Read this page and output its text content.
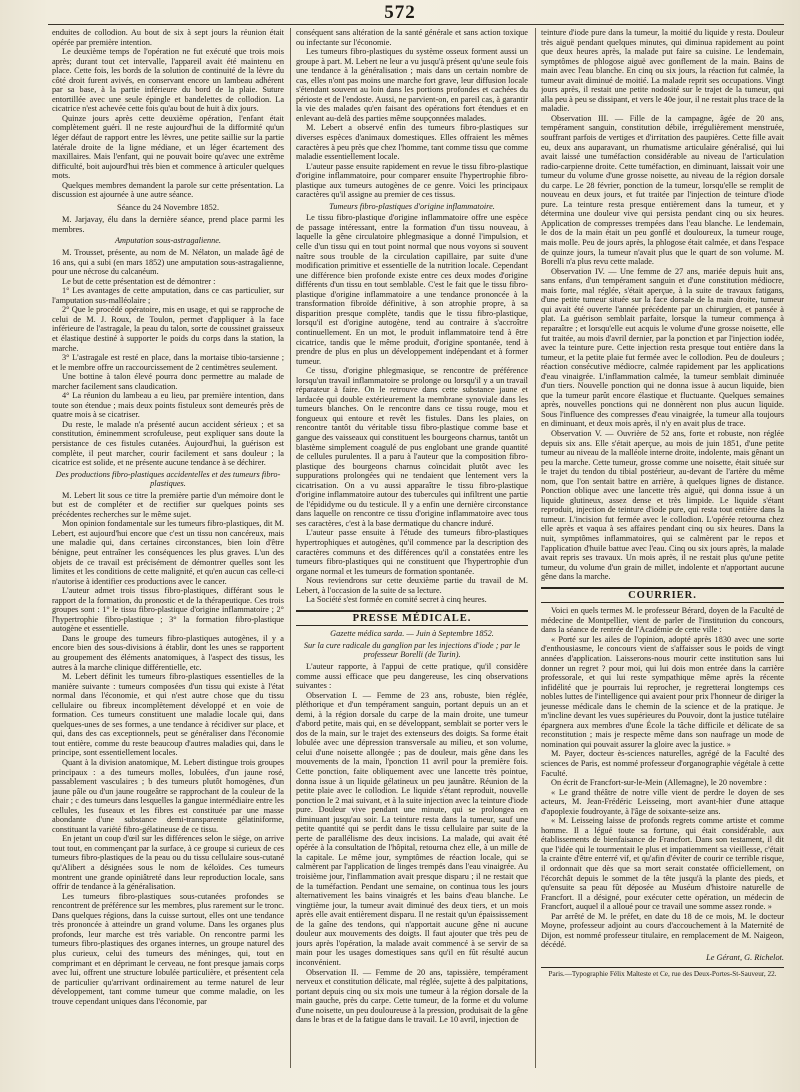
572

enduites de collodion. Au bout de six à sept jours la réunion était opérée par première intention.

Le deuxième temps de l'opération ne fut exécuté que trois mois après; durant tout cet intervalle, l'appareil avait été maintenu en place. Cette fois, les bords de la solution de continuité de la lèvre du côté droit furent avivés, en conservant encore un lambeau adhérent par sa base, à la partie inférieure du bord de la plaie. Suture entortillée avec une seule épingle et bandelettes de collodion. La cicatrice n'est achevée cette fois qu'au bout de huit à dix jours.

Quinze jours après cette deuxième opération, l'enfant était complètement guéri. Il ne reste aujourd'hui de la difformité qu'un léger défaut de rapport entre les lèvres, une petite saillie sur la partie latérale droite de la ligne médiane, et un léger écartement des maxillaires. Mais l'enfant, qui ne pouvait boire qu'avec une extrême difficulté, boit aujourd'hui très bien et commence à articuler quelques mots.

Quelques membres demandent la parole sur cette présentation. La discussion est ajournée à une autre séance.

Séance du 24 Novembre 1852.

M. Jarjavay, élu dans la dernière séance, prend place parmi les membres.

Amputation sous-astragalienne.

M. Trousset, présente, au nom de M. Nélaton, un malade âgé de 16 ans, qui a subi (en mars 1852) une amputation sous-astragalienne, pour une nécrose du calcanéum.

Le but de cette présentation est de démontrer :

1° Les avantages de cette amputation, dans ce cas particulier, sur l'amputation sus-malléolaire ;

2° Que le procédé opératoire, mis en usage, et qui se rapproche de celui de M. J. Roux, de Toulon, permet d'appliquer à la face inférieure de l'astragale, la peau du talon, sorte de coussinet graisseux et élastique destiné à supporter le poids du corps dans la station, la marche.

3° L'astragale est resté en place, dans la mortaise tibio-tarsienne ; et le membre offre un raccourcissement de 2 centimètres seulement.

Une bottine à talon élevé pourra donc permettre au malade de marcher facilement sans claudication.

4° La réunion du lambeau a eu lieu, par première intention, dans toute son étendue ; mais deux points fistuleux sont demeurés près de quatre mois à se cicatriser.

Du reste, le malade n'a présenté aucun accident sérieux ; et sa constitution, éminemment scrofuleuse, peut expliquer sans doute la persistance de ces fistules cutanées. Aujourd'hui, la guérison est complète, il peut marcher, courir facilement et sans douleur ; la cicatrice est solide, et ne présente aucune tendance à se déchirer.

Des productions fibro-plastiques accidentelles et des tumeurs fibro-plastiques.

M. Lebert lit sous ce titre la première partie d'un mémoire dont le but est de compléter et de rectifier sur quelques points ses précédentes recherches sur le même sujet.

Mon opinion fondamentale sur les tumeurs fibro-plastiques, dit M. Lebert, est aujourd'hui encore que c'est un tissu non cancéreux, mais une maladie qui, dans certaines circonstances, bien loin d'être bénigne, peut entraîner les conséquences les plus graves. L'un des objets de ce travail est précisément de démontrer quelles sont les limites et les conditions de cette malignité, et qu'en aucun cas celle-ci n'autorise à identifier ces productions avec le cancer.

L'auteur admet trois tissus fibro-plastiques, différant sous le rapport de la formation, du pronostic et de la thérapeutique. Ces trois groupes sont : 1° le tissu fibro-plastique d'origine inflammatoire ; 2° l'hypertrophie fibro-plastique ; 3° la formation fibro-plastique autogène et essentielle.

Dans le groupe des tumeurs fibro-plastiques autogènes, il y a encore bien des sous-divisions à établir, dont les unes se rapportent au groupement des éléments anatomiques, à l'aspect des tissus, les autres à la marche clinique différentielle, etc.

M. Lebert définit les tumeurs fibro-plastiques essentielles de la manière suivante : tumeurs composées d'un tissu qui existe à l'état normal dans l'économie, et qui n'est autre chose que du tissu cellulaire ou fibreux incomplètement développé et en voie de formation. Ces tumeurs constituent une maladie locale qui, dans quelques-unes de ses formes, a une tendance à récidiver sur place, et qui, dans des cas exceptionnels, peut se généraliser dans l'économie tout entière, comme du reste beaucoup d'autres maladies qui, dans le principe, sont essentiellement locales.

Quant à la division anatomique, M. Lebert distingue trois groupes principaux : a des tumeurs molles, lobulées, d'un jaune rosé, passablement vasculaires ; b des tumeurs plutôt homogènes, d'un jaune pâle ou d'un jaune rougeâtre se rapprochant de la couleur de la chair ; c des tumeurs dans lesquelles la gangue intermédiaire entre les cellules, les fuseaux et les fibres est constituée par une masse abondante d'une substance demi-transparente gélatiniforme, constituant la variété fibro-gélatineuse de ce tissu.

En jetant un coup d'œil sur les différences selon le siège, on arrive tout tout, en commençant par la surface, à ce groupe si curieux de ces tumeurs fibro-plastiques de la peau ou du tissu cellulaire sous-cutané qu'Alibert a désignées sous le nom de kéloïdes. Ces tumeurs montrent une grande opiniâtreté dans leur reproduction locale, sans offrir de tendance à la généralisation.

Les tumeurs fibro-plastiques sous-cutanées profondes se rencontrent de préférence sur les membres, plus rarement sur le tronc. Dans quelques régions, dans la cuisse surtout, elles ont une tendance très prononcée à atteindre un grand volume. Dans les organes plus profonds, leur marche est très variable. On rencontre parmi les tumeurs fibro-plastiques des organes internes, un groupe naturel des plus curieux, celui des tumeurs des méninges, qui, tout en comprimant et en déprimant le cerveau, ne font presque jamais corps avec lui, offrent une structure lobulée particulière, et présentent cela de particulier qu'arrivant ordinairement au terme naturel de leur développement, tant comme tumeur que comme maladie, on les trouve cependant uniques dans l'économie, par

conséquent sans altération de la santé générale et sans action toxique ou infectante sur l'économie.

Les tumeurs fibro-plastiques du système osseux forment aussi un groupe à part. M. Lebert ne leur a vu jusqu'à présent qu'une seule fois une tendance à la généralisation ; mais dans un certain nombre de cas, elles n'ont pas moins une marche fort grave, leur diffusion locale s'étendant souvent au loin dans les portions profondes et cachées du périoste et de l'endoste. Aussi, ne parvient-on, en pareil cas, à garantir la vie des malades qu'en faisant des opérations fort étendues et en enlevant au-delà des parties même soupçonnées malades.

M. Lebert a observé enfin des tumeurs fibro-plastiques sur diverses espèces d'animaux domestiques. Elles offraient les mêmes caractères à peu près que chez l'homme, tant comme tissu que comme maladie essentiellement locale.

L'auteur passe ensuite rapidement en revue le tissu fibro-plastique d'origine inflammatoire, pour comparer ensuite l'hypertrophie fibro-plastique aux tumeurs autogènes de ce genre. Voici les principaux caractères qu'il assigne au premier de ces tissus.

Tumeurs fibro-plastiques d'origine inflammatoire.

Le tissu fibro-plastique d'origine inflammatoire offre une espèce de passage intéressant, entre la formation d'un tissu nouveau, à laquelle la gêne circulatoire phlegmasique a donné l'impulsion, et celle d'un tissu qui en tout point normal que nous voyons si souvent naître sous trouble de la circulation capillaire, par suite d'une modification primitive et essentielle de la nutrition locale. Cependant une différence bien profonde existe entre ces deux modes d'origine différents d'un tissu en tout semblable. C'est le fait que le tissu fibro-plastique d'origine inflammatoire a une tendance prononcée à la transformation fibroïde définitive, à son atrophie propre, à sa disparition presque complète, tandis que le tissu fibro-plastique, lorsqu'il est d'origine autogène, tend au contraire à s'accroître continuellement. En un mot, le produit inflammatoire tend à être cicatrice, tandis que le même produit, d'origine spontanée, tend à prendre de plus en plus un développement indépendant et à former tumeur.

Ce tissu, d'origine phlegmasique, se rencontre de préférence lorsqu'un travail inflammatoire se prolonge ou lorsqu'il y a un travail réparateur à faire. On le retrouve dans cette substance jaune et lardacée qui double extérieurement la membrane synoviale dans les tumeurs blanches. On le rencontre dans ce tissu rouge, mou et fongueux qui entoure et revêt les fistules. Dans les plaies, on rencontre tantôt du véritable tissu fibro-plastique comme base et gangue des vaisseaux qui constituent les bourgeons charnus, tantôt un blastème simplement coagulé de pus englobant une grande quantité de cellules purulentes. Il a paru à l'auteur que la composition fibro-plastique des bourgeons charnus coïncidait plutôt avec les suppurations prolongées qui ne tendaient que lentement vers la cicatrisation. On a vu aussi apparaître le tissu fibro-plastique d'origine inflammatoire autour des tubercules qui infiltrent une partie de l'épididyme ou du testicule. Il y a enfin une dernière circonstance dans laquelle on rencontre ce tissu d'origine inflammatoire avec tous ses caractères, c'est à la base dermatique du chancre induré.

L'auteur passe ensuite à l'étude des tumeurs fibro-plastiques hypertrophiques et autogènes, qu'il commence par la description des caractères communs et des différences qu'il a constatées entre les tumeurs fibro-plastiques qui ne constituent que l'hypertrophie d'un organe normal et les tumeurs de formation spontanée.

Nous reviendrons sur cette deuxième partie du travail de M. Lebert, à l'occasion de la suite de sa lecture.

La Société s'est formée en comité secret à cinq heures.

PRESSE MÉDICALE.
Gazette médica sarda. — Juin à Septembre 1852.
Sur la cure radicale du ganglion par les injections d'iode ; par le professeur Borelli (de Turin).

L'auteur rapporte, à l'appui de cette pratique, qu'il considère comme aussi efficace que peu dangereuse, les cinq observations suivantes :

Observation I. — Femme de 23 ans, robuste, bien réglée, pléthorique et d'un tempérament sanguin, portant depuis un an et demi, à la région dorsale du carpe de la main droite, une tumeur d'abord petite, mais qui, en se développant, semblait se porter vers le dos de la main, sur le trajet des extenseurs des doigts. Sa forme était lobulée avec une dépression transversale au milieu, et son volume, celui d'une noisette allongée ; pas de douleur, mais gêne dans les mouvements de la main, l'ponction 11 avril pour la première fois. Cette ponction, faite obliquement avec une lancette très pointue, donna issue à un liquide gélatineux un peu jaunâtre. Réunion de la petite plaie avec le collodion. Le liquide s'étant reproduit, nouvelle ponction le 2 mai suivant, et à la suite injection avec la teinture d'iode pure. Douleur vive pendant une minute, qui se prolongea en diminuant jusqu'au soir. La teinture resta dans la tumeur, sauf une petite quantité qui se perdit dans le tissu cellulaire par suite de la perte de parallélisme des deux incisions. La malade, qui avait été opérée à la consultation de l'hôpital, retourna chez elle, à un mille de la capitale. Le même jour, symptômes de réaction locale, qui se calmèrent par l'application de linges trempés dans l'eau vinaigrée. Au troisième jour, l'inflammation avait presque disparu ; il ne restait que de la tuméfaction. Pendant une semaine, on continua tous les jours alternativement les bains vinaigrés et les bains d'eau blanche. Le vingtième jour, la tumeur avait diminué des deux tiers, et un mois après elle avait entièrement disparu. Il ne restait qu'un épaississement de la gaîne des tendons, qui n'apportait aucune gêne ni aucune douleur aux mouvements des doigts. Il faut ajouter que très peu de jours après l'opération, la malade avait commencé à se servir de sa main pour les usages domestiques sans qu'il en fût résulté aucun inconvénient.

Observation II. — Femme de 20 ans, tapissière, tempérament nerveux et constitution délicate, mal réglée, sujette à des palpitations, portant depuis cinq ou six mois une tumeur à la région dorsale de la main gauche, près du carpe. Cette tumeur, de la forme et du volume d'une noisette, un peu douloureuse à la pression, produisait de la gêne dans le bras et de la fatigue dans le travail. Le 10 avril, injection de

teinture d'iode pure dans la tumeur, la moitié du liquide y resta. Douleur très aiguë pendant quelques minutes, qui diminua rapidement au point que deux heures après, la malade put faire sa cuisine. Le lendemain, symptômes de phlogose aiguë avec gonflement de la main. Bains de main avec l'eau blanche. En cinq ou six jours, la réaction fut calmée, la tumeur avait diminué de moitié. La malade reprit ses occupations. Vingt jours après, il restait une petite nodosité sur le trajet de la tumeur, qui alla peu à peu se dissipant, et vers le 40e jour, il ne restait plus trace de la maladie.

Observation III. — Fille de la campagne, âgée de 20 ans, tempérament sanguin, constitution débile, irrégulièrement menstruée, souffrant parfois de vertiges et d'irritation des paupières. Cette fille avait eu, deux ans auparavant, un rhumatisme articulaire généralisé, qui lui avait laissé une tuméfaction considérable au niveau de l'articulation radio-carpienne droite. Cette tuméfaction, en diminuant, laissait voir une tumeur du volume d'une grosse noisette, au niveau de la région dorsale du carpe. Le 28 février, ponction de la tumeur, lorsqu'elle se remplit de nouveau en deux jours, et fut traitée par l'injection de teinture d'iode pure. La teinture resta presque entièrement dans la tumeur, et y détermina une douleur vive qui persista pendant cinq ou six heures. Application de compresses trempées dans l'eau blanche. Le lendemain, le dos de la main était un peu gonflé et douloureux, la tumeur rouge, mais molle. Peu de jours après, la phlogose était calmée, et dans l'espace de quinze jours, la tumeur n'avait plus que le quart de son volume. M. Borelli n'a plus revu cette malade.

Observation IV. — Une femme de 27 ans, mariée depuis huit ans, sans enfans, d'un tempérament sanguin et d'une constitution médiocre, mais forte, mal réglée, s'était aperçue, à la suite de travaux fatigans, d'une petite tumeur située sur la face dorsale de la main droite, tumeur qui avait été ouverte l'année précédente par un chirurgien, et pansée à plat. La guérison semblait parfaite, lorsque la tumeur commença à reparaître ; et lorsqu'elle eut acquis le volume d'une grosse noisette, elle fut traitée, au mois d'avril dernier, par la ponction et par l'injection iodée, avec la teinture pure. Cette injection resta presque tout entière dans la tumeur, et la petite plaie fut fermée avec le collodion. Peu de douleurs ; réaction consécutive médiocre, calmée rapidement par les applications d'eau vinaigrée. L'inflammation calmée, la tumeur semblait diminuée d'un tiers. Nouvelle ponction qui ne donna issue à aucun liquide, bien que la tumeur parût encore élastique et fluctuante. Quelques semaines après, nouvelles ponctions qui ne donnèrent non plus aucun liquide. Sous l'influence des compresses d'eau vinaigrée, la tumeur alla toujours en diminuant, et deux mois après, il n'y en avait plus de trace.

Observation V. — Ouvrière de 52 ans, forte et robuste, non réglée depuis six ans. Elle s'était aperçue, au mois de juin 1851, d'une petite tumeur au niveau de la malléole interne droite, indolente, mais gênant un peu la marche. Cette tumeur, grosse comme une noisette, était située sur le trajet du tendon du tibial postérieur, au-devant de l'artère du même nom, que l'on sentait battre en arrière, à quelques lignes de distance. Ponction oblique avec une lancette très aiguë, qui donna issue à un liquide glutineux, assez dense et très limpide. Le liquide s'étant reproduit, injection de teinture d'iode pure, qui resta tout entière dans la tumeur. L'incision fut fermée avec le collodion. L'opérée retourna chez elle après et vaqua à ses affaires pendant cinq ou six heures. Dans la nuit, symptômes inflammatoires, qui se calmèrent par le repos et l'application d'huile battue avec l'eau. Cinq ou six jours après, la malade avait repris ses travaux. Un mois après, il ne restait plus qu'une petite tumeur, du volume d'un grain de millet, indolente et n'apportant aucune gêne dans la marche.

COURRIER.

Voici en quels termes M. le professeur Bérard, doyen de la Faculté de médecine de Montpellier, vient de parler de l'institution du concours, dans la séance de rentrée de l'Académie de cette ville :

« Porté sur les ailes de l'opinion, adopté après 1830 avec une sorte d'enthousiasme, le concours vient de s'affaisser sous le poids de vingt années d'application. Laisserons-nous mourir cette institution sans lui donner un regret ? pour moi, qui lui dois mon entrée dans la carrière professorale, et qui lui reste sympathique même après la récente infidélité que je pourrais lui reprocher, je regretterai longtemps ces nobles luttes de l'intelligence qui avaient pour prix l'honneur de diriger la jeunesse médicale dans le chemin de la science et de la pratique. Je m'incline devant les vues supérieures du Pouvoir, dont la justice tutélaire épargnera aux membres d'une École la tâche difficile et délicate de sa reconstitution ; mais je respecte même dans son naufrage un mode de nomination qui pouvait assurer la gloire avec la justice. »

M. Payer, docteur ès-sciences naturelles, agrégé de la Faculté des sciences de Paris, est nommé professeur d'organographie végétale à cette Faculté.

On écrit de Francfort-sur-le-Mein (Allemagne), le 20 novembre :

« Le grand théâtre de notre ville vient de perdre le doyen de ses acteurs, M. Jean-Frédéric Leisseing, mort avant-hier d'une attaque d'apoplexie foudroyante, à l'âge de soixante-seize ans.

« M. Leisseing laisse de profonds regrets comme artiste et comme homme. Il a légué toute sa fortune, qui était considérable, aux établissements de bienfaisance de Francfort. Dans son testament, il dit que l'idée qui le tourmentait le plus et impatiemment sa vieillesse, c'était la crainte d'être enterré vif, et qu'afin d'éviter de courir ce terrible risque, il ordonnait que dès que sa mort serait constatée officiellement, on l'écorchât depuis le sommet de la tête jusqu'à la plante des pieds, et qu'ensuite sa peau fût déposée au Muséum d'histoire naturelle de Francfort. Il a désigné, pour exécuter cette opération, un médecin de Francfort, auquel il a alloué pour ce travail une somme assez ronde. »

Par arrêté de M. le préfet, en date du 18 de ce mois, M. le docteur Moyne, professeur adjoint au cours d'accouchement à la Maternité de Dijon, est nommé professeur titulaire, en remplacement de M. Naigeon, décédé.

Le Gérant, G. Richelot.
Paris.—Typographie Félix Malteste et Ce, rue des Deux-Portes-St-Sauveur, 22.
